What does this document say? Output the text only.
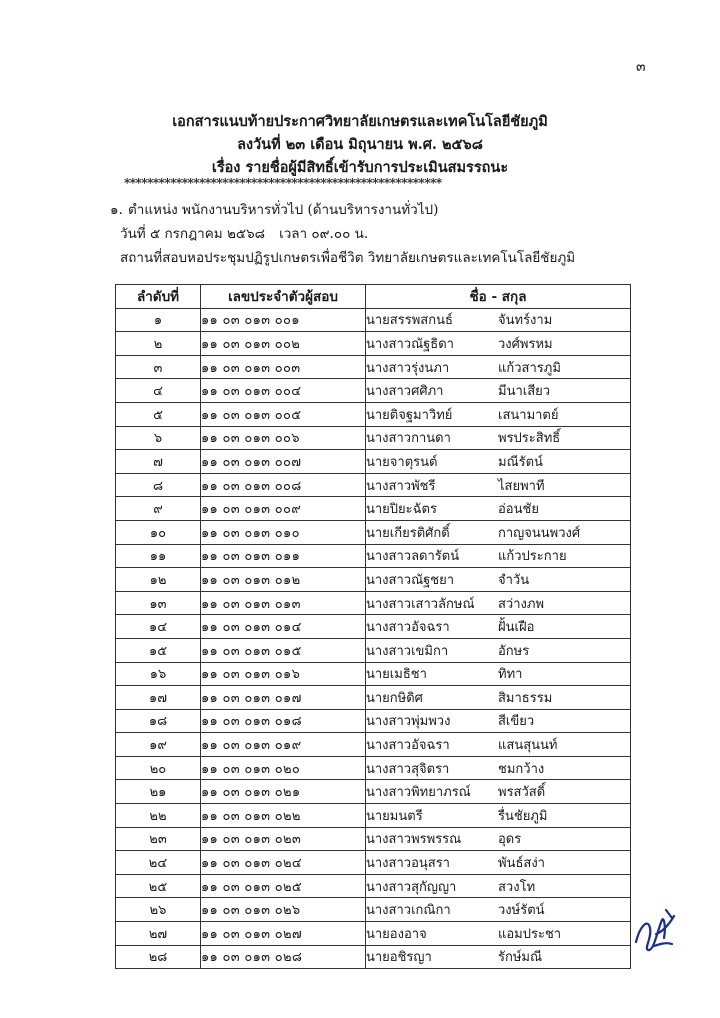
๓
เอกสารแนบท้ายประกาศวิทยาลัยเกษตรและเทคโนโลยีชัยภูมิ
ลงวันที่ ๒๓ เดือน มิถุนายน พ.ศ. ๒๕๖๘
เรื่อง รายชื่อผู้มีสิทธิ์เข้ารับการประเมินสมรรถนะ
*******************************************************
๑. ตำแหน่ง พนักงานบริหารทั่วไป (ด้านบริหารงานทั่วไป)
วันที่ ๕ กรกฎาคม ๒๕๖๘ เวลา ๐๙.๐๐ น.
สถานที่สอบหอประชุมปฏิรูปเกษตรเพื่อชีวิต วิทยาลัยเกษตรและเทคโนโลยีชัยภูมิ
ลำดับที่	เลขประจำตัวผู้สอบ	ชื่อ - สกุล
๑	๑๑ ๐๓ ๐๑๓ ๐๐๑	นายสรรพสกนธ์ จันทร์งาม
๒	๑๑ ๐๓ ๐๑๓ ๐๐๒	นางสาวณัฐธิดา วงศ์พรหม
๓	๑๑ ๐๓ ๐๑๓ ๐๐๓	นางสาวรุ่งนภา แก้วสารภูมิ
๔	๑๑ ๐๓ ๐๑๓ ๐๐๔	นางสาวศศิภา มีนาเสียว
๕	๑๑ ๐๓ ๐๑๓ ๐๐๕	นายติจฐมาวิทย์ เสนามาตย์
๖	๑๑ ๐๓ ๐๑๓ ๐๐๖	นางสาวกานดา พรประสิทธิ์
๗	๑๑ ๐๓ ๐๑๓ ๐๐๗	นายจาตุรนต์ มณีรัตน์
๘	๑๑ ๐๓ ๐๑๓ ๐๐๘	นางสาวพัชรี ไสยพาที
๙	๑๑ ๐๓ ๐๑๓ ๐๐๙	นายปิยะฉัตร อ่อนชัย
๑๐	๑๑ ๐๓ ๐๑๓ ๐๑๐	นายเกียรติศักดิ์ กาญจนนพวงศ์
๑๑	๑๑ ๐๓ ๐๑๓ ๐๑๑	นางสาวลดารัตน์ แก้วประกาย
๑๒	๑๑ ๐๓ ๐๑๓ ๐๑๒	นางสาวณัฐชยา จำวัน
๑๓	๑๑ ๐๓ ๐๑๓ ๐๑๓	นางสาวเสาวลักษณ์ สว่างภพ
๑๔	๑๑ ๐๓ ๐๑๓ ๐๑๔	นางสาวอัจฉรา ฝั้นเฝือ
๑๕	๑๑ ๐๓ ๐๑๓ ๐๑๕	นางสาวเขมิกา อักษร
๑๖	๑๑ ๐๓ ๐๑๓ ๐๑๖	นายเมธิชา ทิทา
๑๗	๑๑ ๐๓ ๐๑๓ ๐๑๗	นายกษิดิศ สิมาธรรม
๑๘	๑๑ ๐๓ ๐๑๓ ๐๑๘	นางสาวพุ่มพวง สีเขียว
๑๙	๑๑ ๐๓ ๐๑๓ ๐๑๙	นางสาวอัจฉรา แสนสุนนท์
๒๐	๑๑ ๐๓ ๐๑๓ ๐๒๐	นางสาวสุจิตรา ชมกว้าง
๒๑	๑๑ ๐๓ ๐๑๓ ๐๒๑	นางสาวพิทยาภรณ์ พรสวัสดิ์
๒๒	๑๑ ๐๓ ๐๑๓ ๐๒๒	นายมนตรี รื่นชัยภูมิ
๒๓	๑๑ ๐๓ ๐๑๓ ๐๒๓	นางสาวพรพรรณ อุดร
๒๔	๑๑ ๐๓ ๐๑๓ ๐๒๔	นางสาวอนุสรา พันธ์สง่า
๒๕	๑๑ ๐๓ ๐๑๓ ๐๒๕	นางสาวสุกัญญา สวงโท
๒๖	๑๑ ๐๓ ๐๑๓ ๐๒๖	นางสาวเกณิกา วงษ์รัตน์
๒๗	๑๑ ๐๓ ๐๑๓ ๐๒๗	นายองอาจ แอมประชา
๒๘	๑๑ ๐๓ ๐๑๓ ๐๒๘	นายอชิรญา รักษ์มณี
